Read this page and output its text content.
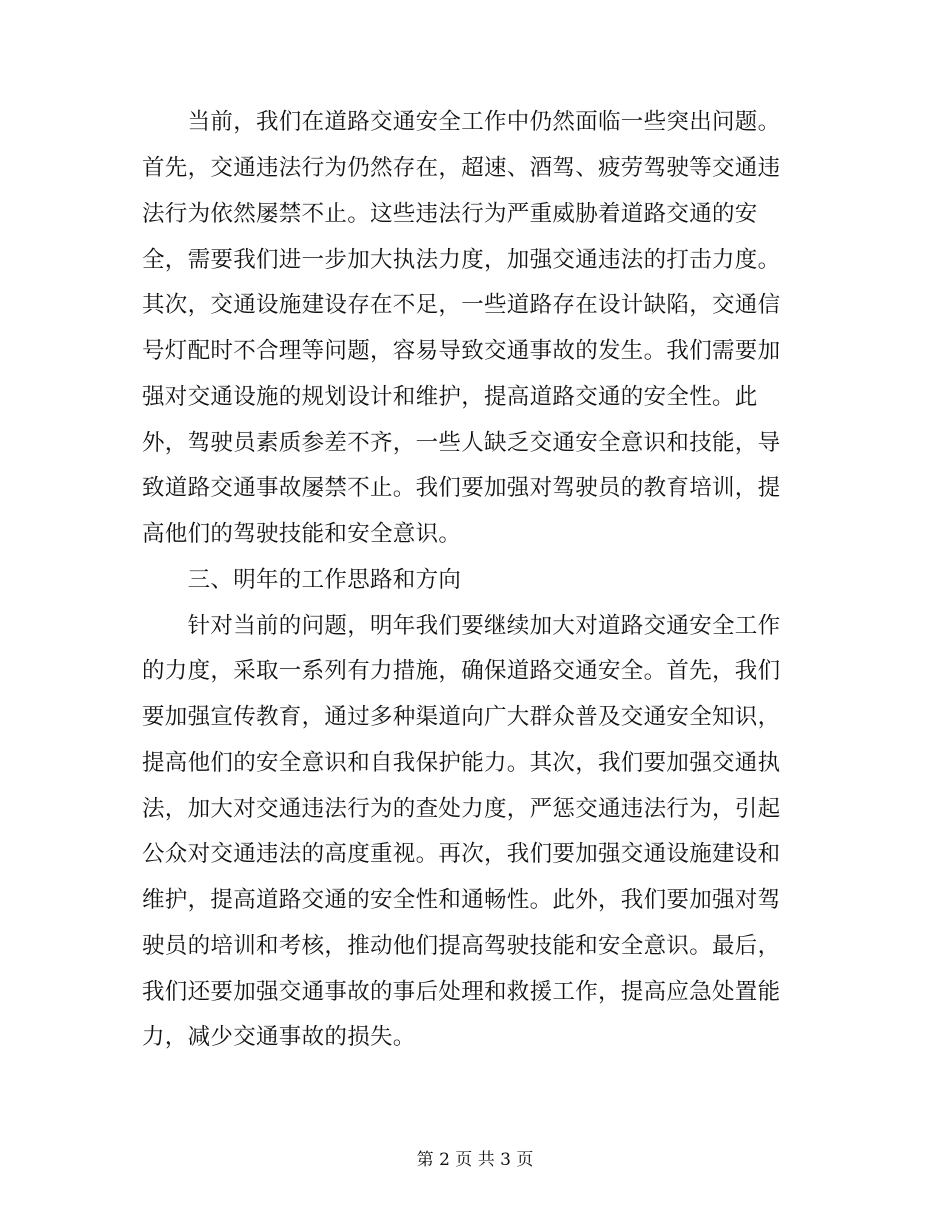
　　当前，我们在道路交通安全工作中仍然面临一些突出问题。
首先，交通违法行为仍然存在，超速、酒驾、疲劳驾驶等交通违
法行为依然屡禁不止。这些违法行为严重威胁着道路交通的安
全，需要我们进一步加大执法力度，加强交通违法的打击力度。
其次，交通设施建设存在不足，一些道路存在设计缺陷，交通信
号灯配时不合理等问题，容易导致交通事故的发生。我们需要加
强对交通设施的规划设计和维护，提高道路交通的安全性。此
外，驾驶员素质参差不齐，一些人缺乏交通安全意识和技能，导
致道路交通事故屡禁不止。我们要加强对驾驶员的教育培训，提
高他们的驾驶技能和安全意识。
　　三、明年的工作思路和方向
　　针对当前的问题，明年我们要继续加大对道路交通安全工作
的力度，采取一系列有力措施，确保道路交通安全。首先，我们
要加强宣传教育，通过多种渠道向广大群众普及交通安全知识，
提高他们的安全意识和自我保护能力。其次，我们要加强交通执
法，加大对交通违法行为的查处力度，严惩交通违法行为，引起
公众对交通违法的高度重视。再次，我们要加强交通设施建设和
维护，提高道路交通的安全性和通畅性。此外，我们要加强对驾
驶员的培训和考核，推动他们提高驾驶技能和安全意识。最后，
我们还要加强交通事故的事后处理和救援工作，提高应急处置能
力，减少交通事故的损失。
第 2 页 共 3 页
